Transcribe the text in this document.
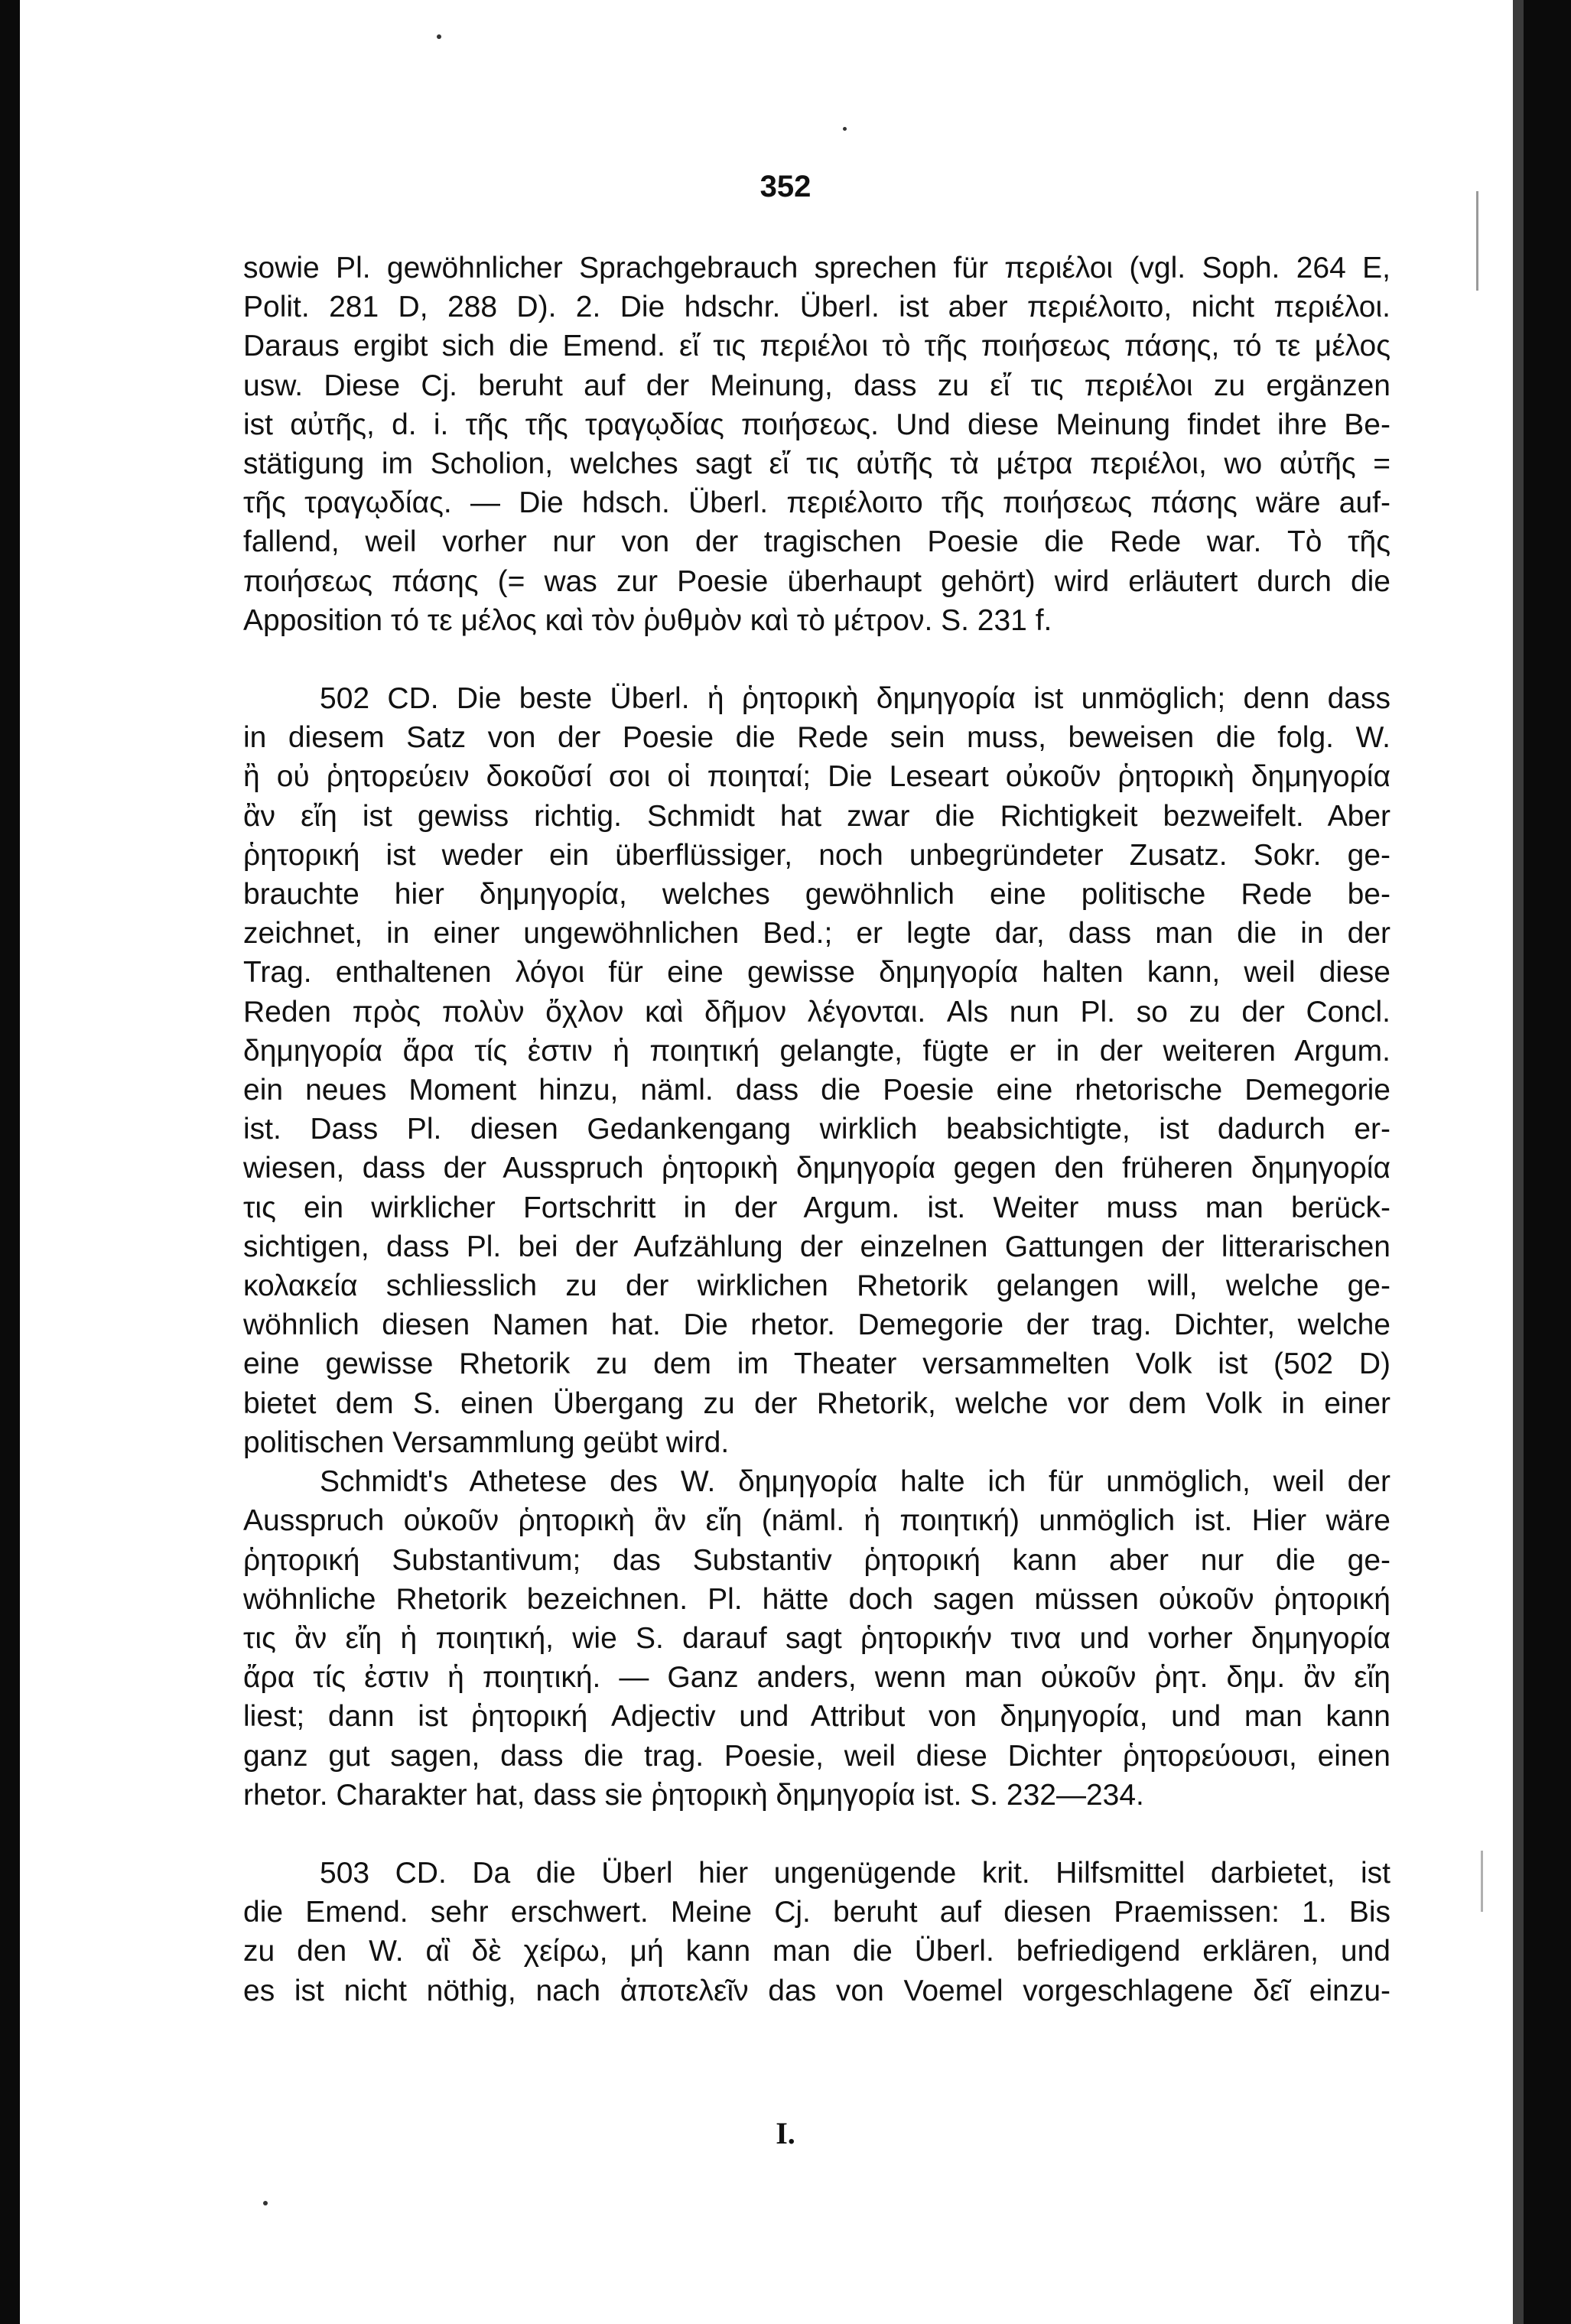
352
sowie Pl. gewöhnlicher Sprachgebrauch sprechen für περιέλοι (vgl. Soph. 264 E,
Polit. 281 D, 288 D). 2. Die hdschr. Überl. ist aber περιέλοιτο, nicht περιέλοι.
Daraus ergibt sich die Emend. εἴ τις περιέλοι τὸ τῆς ποιήσεως πάσης, τό τε μέλος
usw. Diese Cj. beruht auf der Meinung, dass zu εἴ τις περιέλοι zu ergänzen
ist αὐτῆς, d. i. τῆς τῆς τραγῳδίας ποιήσεως. Und diese Meinung findet ihre Be-
stätigung im Scholion, welches sagt εἴ τις αὐτῆς τὰ μέτρα περιέλοι, wo αὐτῆς =
τῆς τραγῳδίας. — Die hdsch. Überl. περιέλοιτο τῆς ποιήσεως πάσης wäre auf-
fallend, weil vorher nur von der tragischen Poesie die Rede war. Τὸ τῆς
ποιήσεως πάσης (= was zur Poesie überhaupt gehört) wird erläutert durch die
Apposition τό τε μέλος καὶ τὸν ῥυθμὸν καὶ τὸ μέτρον. S. 231 f.
502 CD. Die beste Überl. ἡ ῥητορικὴ δημηγορία ist unmöglich; denn dass
in diesem Satz von der Poesie die Rede sein muss, beweisen die folg. W.
ἢ οὐ ῥητορεύειν δοκοῦσί σοι οἱ ποιηταί; Die Leseart οὐκοῦν ῥητορικὴ δημηγορία
ἂν εἴη ist gewiss richtig. Schmidt hat zwar die Richtigkeit bezweifelt. Aber
ῥητορική ist weder ein überflüssiger, noch unbegründeter Zusatz. Sokr. ge-
brauchte hier δημηγορία, welches gewöhnlich eine politische Rede be-
zeichnet, in einer ungewöhnlichen Bed.; er legte dar, dass man die in der
Trag. enthaltenen λόγοι für eine gewisse δημηγορία halten kann, weil diese
Reden πρὸς πολὺν ὄχλον καὶ δῆμον λέγονται. Als nun Pl. so zu der Concl.
δημηγορία ἄρα τίς ἐστιν ἡ ποιητική gelangte, fügte er in der weiteren Argum.
ein neues Moment hinzu, näml. dass die Poesie eine rhetorische Demegorie
ist. Dass Pl. diesen Gedankengang wirklich beabsichtigte, ist dadurch er-
wiesen, dass der Ausspruch ῥητορικὴ δημηγορία gegen den früheren δημηγορία
τις ein wirklicher Fortschritt in der Argum. ist. Weiter muss man berück-
sichtigen, dass Pl. bei der Aufzählung der einzelnen Gattungen der litterarischen
κολακεία schliesslich zu der wirklichen Rhetorik gelangen will, welche ge-
wöhnlich diesen Namen hat. Die rhetor. Demegorie der trag. Dichter, welche
eine gewisse Rhetorik zu dem im Theater versammelten Volk ist (502 D)
bietet dem S. einen Übergang zu der Rhetorik, welche vor dem Volk in einer
politischen Versammlung geübt wird.
Schmidt's Athetese des W. δημηγορία halte ich für unmöglich, weil der
Ausspruch οὐκοῦν ῥητορικὴ ἂν εἴη (näml. ἡ ποιητική) unmöglich ist. Hier wäre
ῥητορική Substantivum; das Substantiv ῥητορική kann aber nur die ge-
wöhnliche Rhetorik bezeichnen. Pl. hätte doch sagen müssen οὐκοῦν ῥητορική
τις ἂν εἴη ἡ ποιητική, wie S. darauf sagt ῥητορικήν τινα und vorher δημηγορία
ἄρα τίς ἐστιν ἡ ποιητική. — Ganz anders, wenn man οὐκοῦν ῥητ. δημ. ἂν εἴη
liest; dann ist ῥητορική Adjectiv und Attribut von δημηγορία, und man kann
ganz gut sagen, dass die trag. Poesie, weil diese Dichter ῥητορεύουσι, einen
rhetor. Charakter hat, dass sie ῥητορικὴ δημηγορία ist. S. 232—234.
503 CD. Da die Überl hier ungenügende krit. Hilfsmittel darbietet, ist
die Emend. sehr erschwert. Meine Cj. beruht auf diesen Praemissen: 1. Bis
zu den W. αἳ δὲ χείρω, μή kann man die Überl. befriedigend erklären, und
es ist nicht nöthig, nach ἀποτελεῖν das von Voemel vorgeschlagene δεῖ einzu-
I.
